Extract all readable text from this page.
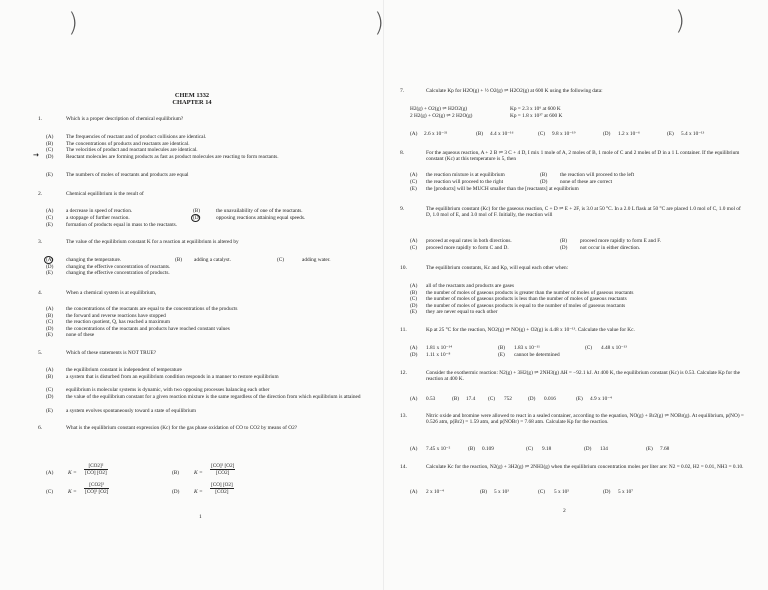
)
CHEM 1332
CHAPTER 14
1.	Which is a proper description of chemical equilibrium?
(A) The frequencies of reactant and of product collisions are identical.
(B) The concentrations of products and reactants are identical.
(C) The velocities of product and reactant molecules are identical.
→ (D) Reactant molecules are forming products as fast as product molecules are reacting to form reactants.
(E) The numbers of moles of reactants and products are equal
2.	Chemical equilibrium is the result of
(A) a decrease in speed of reaction.	(B)	the unavailability of one of the reactants.
(C) a stoppage of further reaction.	(D)	opposing reactions attaining equal speeds.
(E) formation of products equal in mass to the reactants.
3.	The value of the equilibrium constant K for a reaction at equilibrium is altered by
(A) changing the temperature.	(B) adding a catalyst.	(C)	adding water.
(D) changing the effective concentration of reactants.
(E) changing the effective concentration of products.
4.	When a chemical system is at equilibrium,
(A) the concentrations of the reactants are equal to the concentrations of the products
(B) the forward and reverse reactions have stopped
(C) the reaction quotient, Q, has reached a maximum
(D) the concentrations of the reactants and products have reached constant values
(E) none of these
5.	Which of these statements is NOT TRUE?
(A) the equilibrium constant is independent of temperature
(B) a system that is disturbed from an equilibrium condition responds in a manner to restore equilibrium
(C) equilibrium is molecular systems is dynamic, with two opposing processes balancing each other
(D) the value of the equilibrium constant for a given reaction mixture is the same regardless of the direction from which equilibrium is attained
(E) a system evolves spontaneously toward a state of equilibrium
6.	What is the equilibrium constant expression (Kc) for the gas phase oxidation of CO to CO2 by means of O2?
(A)	$K = \frac{\text{[CO2]²}}{[CO] [O2]}$	(B)	$K = \frac{\text{[CO]² [O2]}}{[CO2]}$
(C)	$K = \frac{\text{[CO2]²}}{\text{[CO]² [O2]}}$	(D)	$K = \frac{[CO] [O2]}{[CO2]}$
1
)	)
7.	Calculate Kp for H2O(g) + ½ O2(g) ⇌ H2O2(g) at 600 K using the following data:
H2(g) + O2(g) ⇌ H2O2(g)	Kp = 2.3 x 10⁶ at 600 K
2 H2(g) + O2(g) ⇌ 2 H2O(g)	Kp = 1.8 x 10³⁷ at 600 K
(A) 2.6 x 10⁻³¹	(B) 4.4 x 10⁻¹⁶	(C) 9.8 x 10⁻¹⁹	(D) 1.2 x 10⁻⁶	(E) 5.4 x 10⁻¹³
8.	For the aqueous reaction, A + 2 B ⇌ 3 C + 4 D, I mix 1 mole of A, 2 moles of B, 1 mole of C and 2 moles of D in a 1 L container. If the equilibrium constant (Kc) at this temperature is 5, then
(A) the reaction mixture is at equilibrium	(B) the reaction will proceed to the left
(C) the reaction will proceed to the right	(D) none of these are correct
(E) the [products] will be MUCH smaller than the [reactants] at equilibrium
9.	The equilibrium constant (Kc) for the gaseous reaction, C + D ⇌ E + 2F, is 3.0 at 50 °C. In a 2.0 L flask at 50 °C are placed 1.0 mol of C, 1.0 mol of D, 1.0 mol of E, and 3.0 mol of F. Initially, the reaction will
(A) proceed at equal rates in both directions.	(B) proceed more rapidly to form E and F.
(C) proceed more rapidly to form C and D.	(D) not occur in either direction.
10.	The equilibrium constants, Kc and Kp, will equal each other when:
(A) all of the reactants and products are gases
(B) the number of moles of gaseous products is greater than the number of moles of gaseous reactants
(C) the number of moles of gaseous products is less than the number of moles of gaseous reactants
(D) the number of moles of gaseous products is equal to the number of moles of gaseous reactants
(E) they are never equal to each other
11.	Kp at 25 °C for the reaction, NO2(g) ⇌ NO(g) + O2(g) is 4.48 x 10⁻¹³. Calculate the value for Kc.
(A) 1.81 x 10⁻¹⁴	(B) 1.83 x 10⁻¹¹	(C) 4.48 x 10⁻¹³
(D) 1.11 x 10⁻⁸	(E) cannot be determined
12.	Consider the exothermic reaction: N2(g) + 3H2(g) ⇌ 2NH3(g) ΔH = −92.1 kJ. At 400 K, the equilibrium constant (Kc) is 0.53. Calculate Kp for the reaction at 400 K.
(A) 0.53	(B) 17.4 (C) 752	(D) 0.016	(E) 4.9 x 10⁻⁴
13.	Nitric oxide and bromine were allowed to react in a sealed container, according to the equation, NO(g) + Br2(g) ⇌ NOBr(g). At equilibrium, p(NO) = 0.526 atm, p(Br2) = 1.59 atm, and p(NOBr) = 7.68 atm. Calculate Kp for the reaction.
(A) 7.45 x 10⁻²	(B) 0.109	(C) 9.18	(D) 134	(E) 7.68
14.	Calculate Kc for the reaction, N2(g) + 3H2(g) ⇌ 2NH3(g) when the equilibrium concentration moles per liter are: N2 = 0.02, H2 = 0.01, NH3 = 0.10.
(A) 2 x 10⁻⁴	(B) 5 x 10³	(C) 5 x 10⁵	(D) 5 x 10⁷
2
